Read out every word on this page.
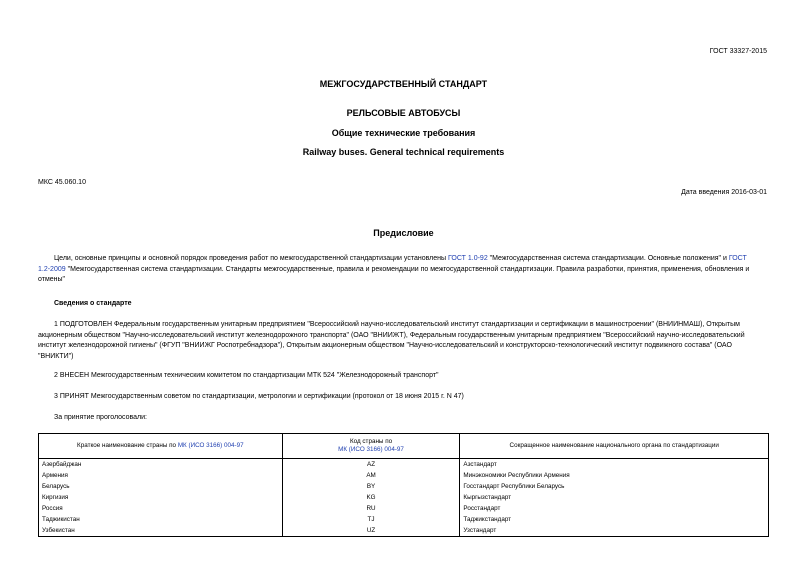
ГОСТ 33327-2015
МЕЖГОСУДАРСТВЕННЫЙ СТАНДАРТ
РЕЛЬСОВЫЕ АВТОБУСЫ
Общие технические требования
Railway buses. General technical requirements
МКС 45.060.10
Дата введения 2016-03-01
Предисловие
Цели, основные принципы и основной порядок проведения работ по межгосударственной стандартизации установлены ГОСТ 1.0-92 "Межгосударственная система стандартизации. Основные положения" и ГОСТ
1.2-2009 "Межгосударственная система стандартизации. Стандарты межгосударственные, правила и рекомендации по межгосударственной стандартизации. Правила разработки, принятия, применения, обновления и
отмены"
Сведения о стандарте
1 ПОДГОТОВЛЕН Федеральным государственным унитарным предприятием "Всероссийский научно-исследовательский институт стандартизации и сертификации в машиностроении" (ВНИИНМАШ), Открытым
акционерным обществом "Научно-исследовательский институт железнодорожного транспорта" (ОАО "ВНИИЖТ), Федеральным государственным унитарным предприятием "Всероссийский научно-исследовательский
институт железнодорожной гигиены" (ФГУП "ВНИИЖГ Роспотребнадзора"), Открытым акционерным обществом "Научно-исследовательский и конструкторско-технологический институт подвижного состава" (ОАО
"ВНИКТИ")
2 ВНЕСЕН Межгосударственным техническим комитетом по стандартизации МТК 524 "Железнодорожный транспорт"
3 ПРИНЯТ Межгосударственным советом по стандартизации, метрологии и сертификации (протокол от 18 июня 2015 г. N 47)
За принятие проголосовали:
Краткое наименование страны по МК (ИСО 3166) 004-97	Код страны по
МК (ИСО 3166) 004-97	Сокращенное наименование национального органа по стандартизации
Азербайджан	AZ	Азстандарт
Армения	AM	Минэкономики Республики Армения
Беларусь	BY	Госстандарт Республики Беларусь
Киргизия	KG	Кыргызстандарт
Россия	RU	Росстандарт
Таджикистан	TJ	Таджикстандарт
Узбекистан	UZ	Узстандарт
